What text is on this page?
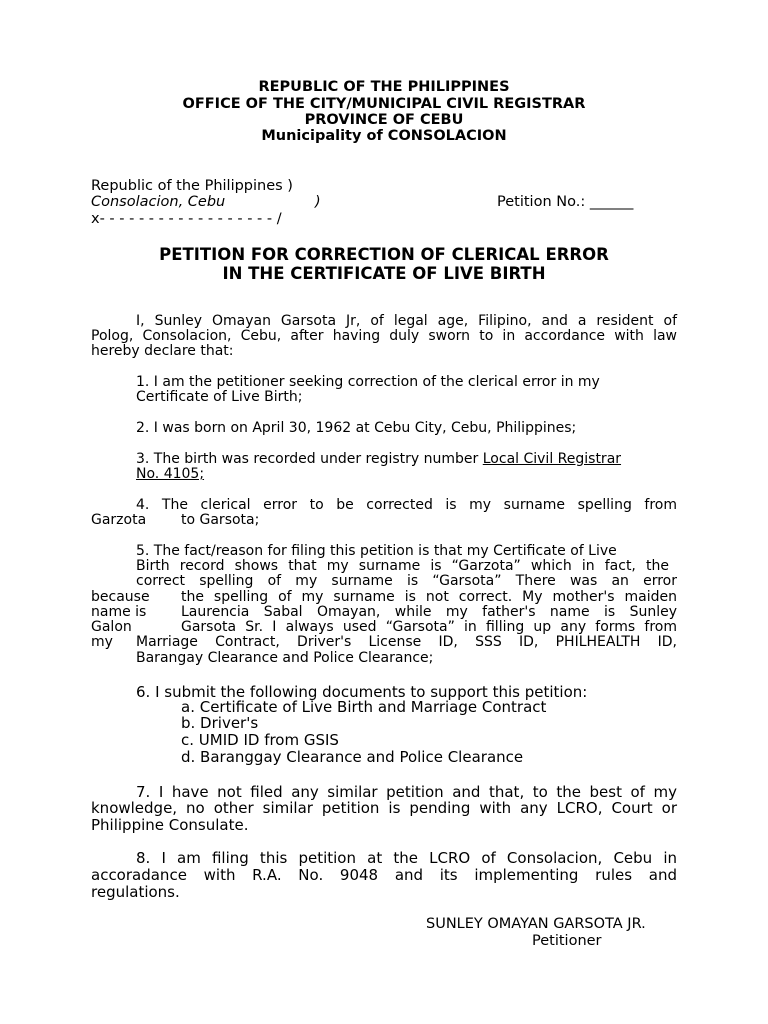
REPUBLIC OF THE PHILIPPINES
OFFICE OF THE CITY/MUNICIPAL CIVIL REGISTRAR
PROVINCE OF CEBU
Municipality of CONSOLACION
Republic of the Philippines )
Consolacion, Cebu	)
x- - - - - - - - - - - - - - - - - - /
Petition No.: ______
PETITION FOR CORRECTION OF CLERICAL ERROR
IN THE CERTIFICATE OF LIVE BIRTH
I, Sunley Omayan Garsota Jr, of legal age, Filipino, and a resident of
Polog, Consolacion, Cebu, after having duly sworn to in accordance with law
hereby declare that:
1. I am the petitioner seeking correction of the clerical error in my
Certificate of Live Birth;
2. I was born on April 30, 1962 at Cebu City, Cebu, Philippines;
3. The birth was recorded under registry number Local Civil Registrar
No. 4105;
4. The clerical error to be corrected is my surname spelling from
Garzota to Garsota;
5. The fact/reason for filing this petition is that my Certificate of Live
Birth record shows that my surname is “Garzota” which in fact, the
correct spelling of my surname is “Garsota” There was an error
because the spelling of my surname is not correct. My mother's maiden
name is Laurencia Sabal Omayan, while my father's name is Sunley
Galon	Garsota Sr. I always used “Garsota” in filling up any forms from
my Marriage Contract, Driver's License ID, SSS ID, PHILHEALTH ID,
Barangay Clearance and Police Clearance;
6. I submit the following documents to support this petition:
a. Certificate of Live Birth and Marriage Contract
b. Driver's
c. UMID ID from GSIS
d. Baranggay Clearance and Police Clearance
7. I have not filed any similar petition and that, to the best of my
knowledge, no other similar petition is pending with any LCRO, Court or
Philippine Consulate.
8. I am filing this petition at the LCRO of Consolacion, Cebu in
accoradance with R.A. No. 9048 and its implementing rules and
regulations.
SUNLEY OMAYAN GARSOTA JR.
Petitioner
